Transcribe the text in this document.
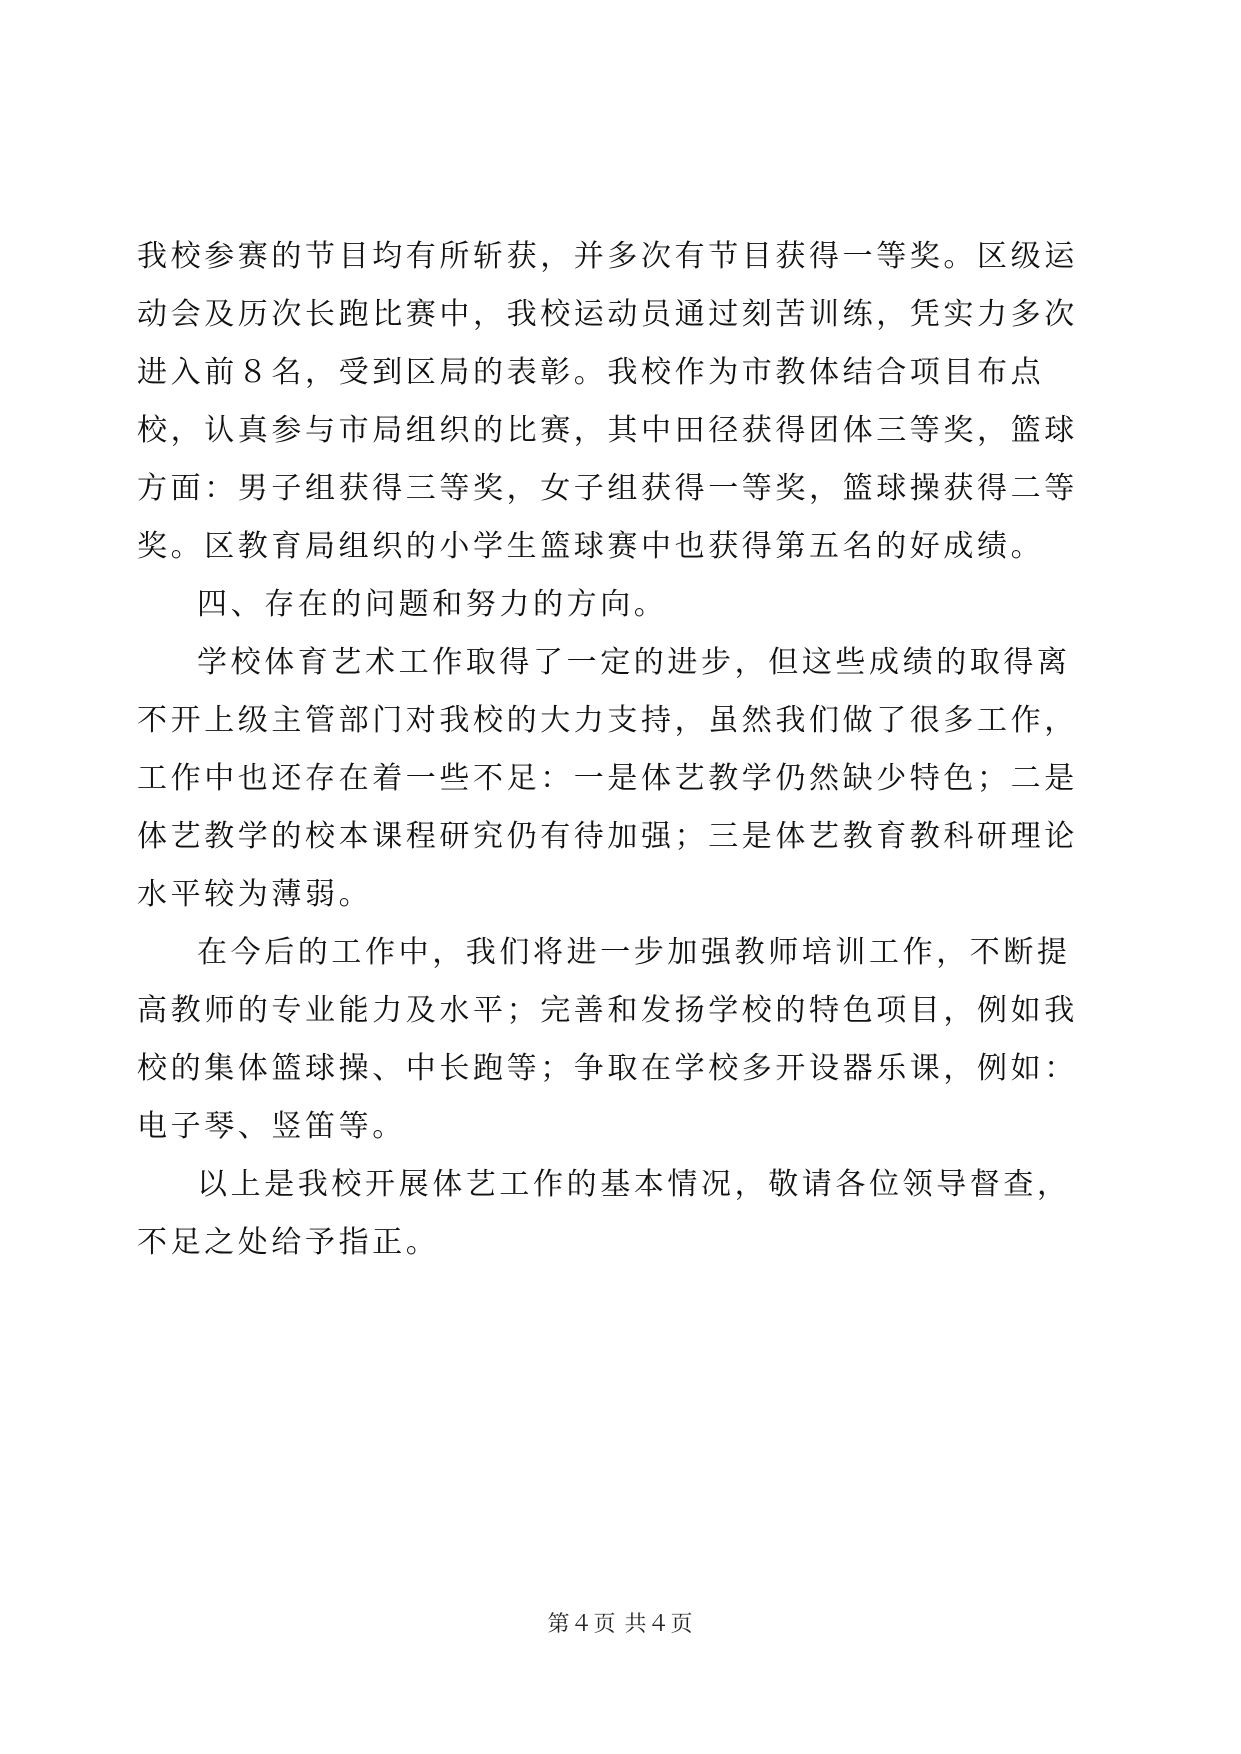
我校参赛的节目均有所斩获，并多次有节目获得一等奖。区级运动会及历次长跑比赛中，我校运动员通过刻苦训练，凭实力多次进入前８名，受到区局的表彰。我校作为市教体结合项目布点校，认真参与市局组织的比赛，其中田径获得团体三等奖，篮球方面：男子组获得三等奖，女子组获得一等奖，篮球操获得二等奖。区教育局组织的小学生篮球赛中也获得第五名的好成绩。

四、存在的问题和努力的方向。

学校体育艺术工作取得了一定的进步，但这些成绩的取得离不开上级主管部门对我校的大力支持，虽然我们做了很多工作，工作中也还存在着一些不足：一是体艺教学仍然缺少特色；二是体艺教学的校本课程研究仍有待加强；三是体艺教育教科研理论水平较为薄弱。

在今后的工作中，我们将进一步加强教师培训工作，不断提高教师的专业能力及水平；完善和发扬学校的特色项目，例如我校的集体篮球操、中长跑等；争取在学校多开设器乐课，例如：电子琴、竖笛等。

以上是我校开展体艺工作的基本情况，敬请各位领导督查，不足之处给予指正。

第４页 共４页
